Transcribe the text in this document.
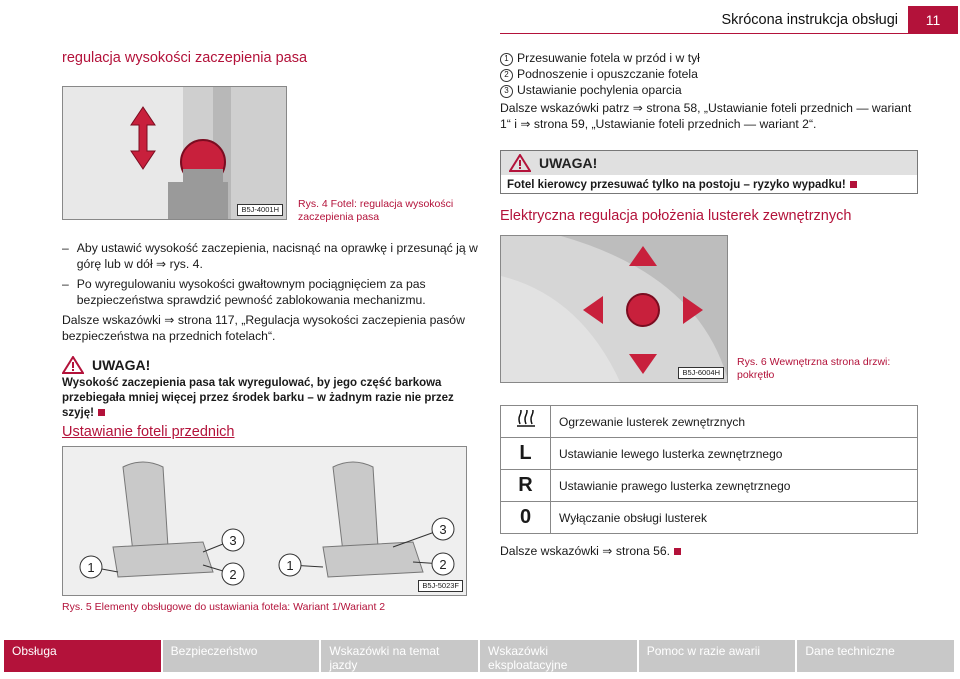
Skrócona instrukcja obsługi	11
regulacja wysokości zaczepienia pasa
B5J-4001H	Rys. 4 Fotel: regulacja wysokości zaczepienia pasa
– Aby ustawić wysokość zaczepienia, nacisnąć na oprawkę i przesunąć ją w górę lub w dół ⇒ rys. 4.
– Po wyregulowaniu wysokości gwałtownym pociągnięciem za pas bezpieczeństwa sprawdzić pewność zablokowania mechanizmu.
Dalsze wskazówki ⇒ strona 117, „Regulacja wysokości zaczepienia pasów bezpieczeństwa na przednich fotelach“.
UWAGA!
Wysokość zaczepienia pasa tak wyregulować, by jego część barkowa przebiegała mniej więcej przez środek barku – w żadnym razie nie przez szyję!
Ustawianie foteli przednich
1	2
3
1	2
3
B5J-5023F
Rys. 5 Elementy obsługowe do ustawiania fotela: Wariant 1/Wariant 2
1 Przesuwanie fotela w przód i w tył
2 Podnoszenie i opuszczanie fotela
3 Ustawianie pochylenia oparcia
Dalsze wskazówki patrz ⇒ strona 58, „Ustawianie foteli przednich — wariant 1“ i ⇒ strona 59, „Ustawianie foteli przednich — wariant 2“.
UWAGA!
Fotel kierowcy przesuwać tylko na postoju – ryzyko wypadku!
Elektryczna regulacja położenia lusterek zewnętrznych
B5J-6004H
Rys. 6 Wewnętrzna strona drzwi: pokrętło
	Ogrzewanie lusterek zewnętrznych
L	Ustawianie lewego lusterka zewnętrznego
R	Ustawianie prawego lusterka zewnętrznego
0	Wyłączanie obsługi lusterek
Dalsze wskazówki ⇒ strona 56.
Obsługa	Bezpieczeństwo	Wskazówki na temat jazdy
Wskazówki eksploatacyjne
Pomoc w razie awarii	Dane techniczne
